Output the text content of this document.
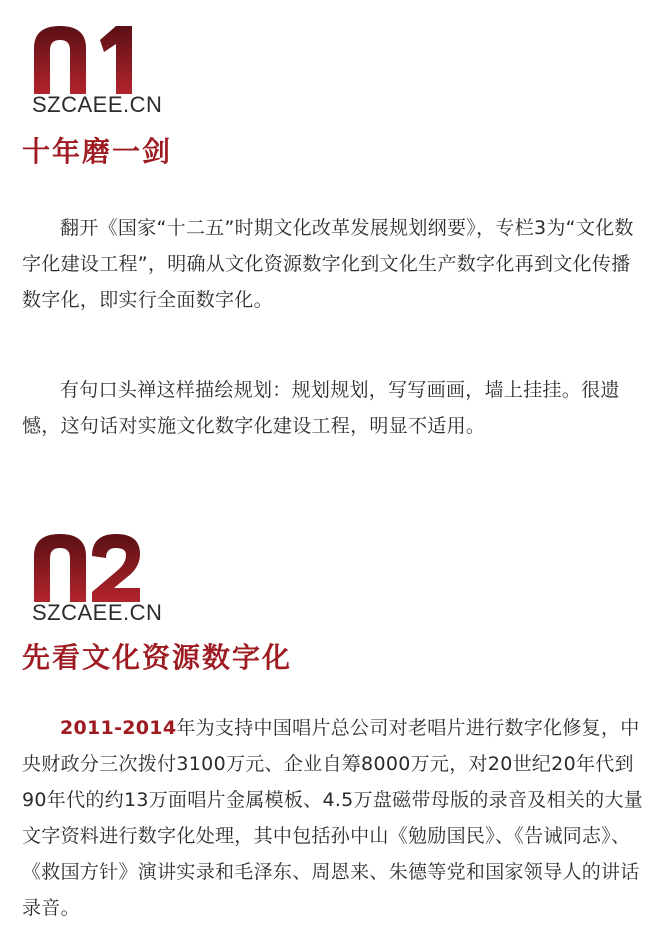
SZCAEE.CN
十年磨一剑

翻开《国家“十二五”时期文化改革发展规划纲要》，专栏3为“文化数字化建设工程”，明确从文化资源数字化到文化生产数字化再到文化传播数字化，即实行全面数字化。

有句口头禅这样描绘规划：规划规划，写写画画，墙上挂挂。很遗憾，这句话对实施文化数字化建设工程，明显不适用。

SZCAEE.CN
先看文化资源数字化

2011-2014年为支持中国唱片总公司对老唱片进行数字化修复，中央财政分三次拨付3100万元、企业自筹8000万元，对20世纪20年代到90年代的约13万面唱片金属模板、4.5万盘磁带母版的录音及相关的大量文字资料进行数字化处理，其中包括孙中山《勉励国民》、《告诫同志》、《救国方针》演讲实录和毛泽东、周恩来、朱德等党和国家领导人的讲话录音。
